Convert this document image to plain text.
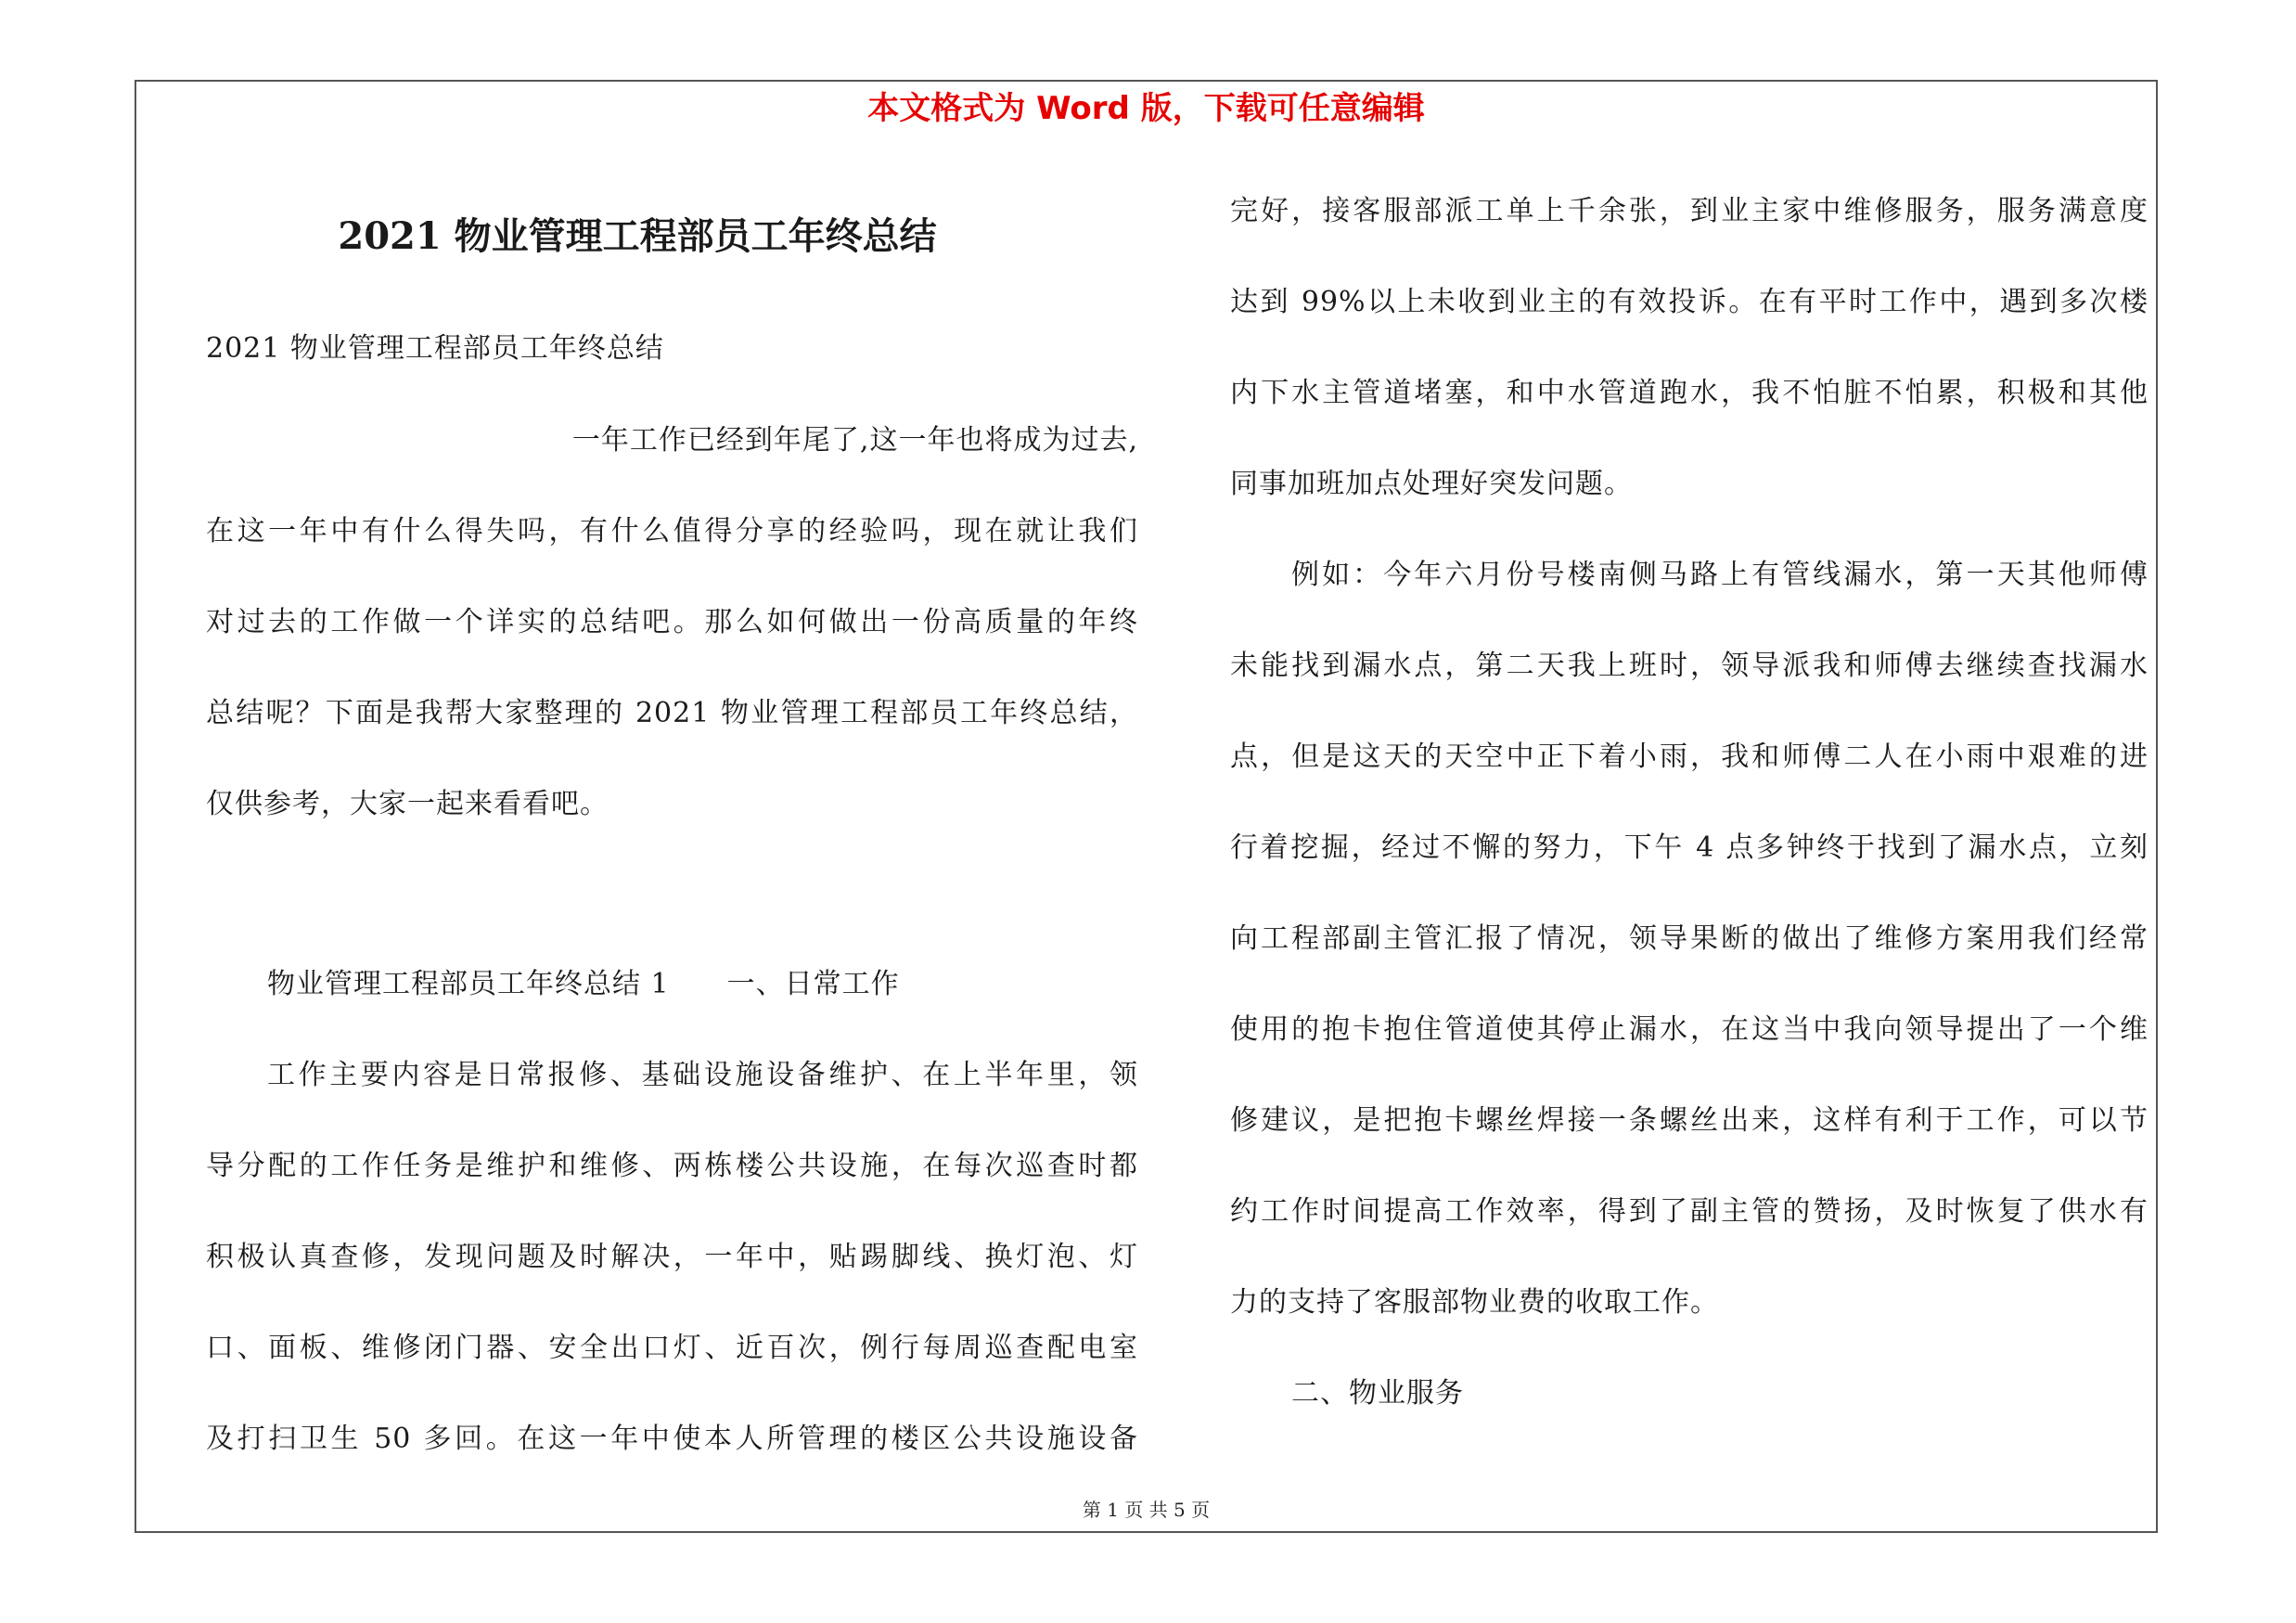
本文格式为 Word 版，下载可任意编辑
2021 物业管理工程部员工年终总结
2021 物业管理工程部员工年终总结
一年工作已经到年尾了,这一年也将成为过去,
在这一年中有什么得失吗，有什么值得分享的经验吗，现在就让我们
对过去的工作做一个详实的总结吧。那么如何做出一份高质量的年终
总结呢？下面是我帮大家整理的 2021 物业管理工程部员工年终总结，
仅供参考，大家一起来看看吧。
物业管理工程部员工年终总结 1　　一、日常工作
工作主要内容是日常报修、基础设施设备维护、在上半年里，领
导分配的工作任务是维护和维修、两栋楼公共设施，在每次巡查时都
积极认真查修，发现问题及时解决，一年中，贴踢脚线、换灯泡、灯
口、面板、维修闭门器、安全出口灯、近百次，例行每周巡查配电室
及打扫卫生 50 多回。在这一年中使本人所管理的楼区公共设施设备
完好，接客服部派工单上千余张，到业主家中维修服务，服务满意度
达到 99%以上未收到业主的有效投诉。在有平时工作中，遇到多次楼
内下水主管道堵塞，和中水管道跑水，我不怕脏不怕累，积极和其他
同事加班加点处理好突发问题。
例如：今年六月份号楼南侧马路上有管线漏水，第一天其他师傅
未能找到漏水点，第二天我上班时，领导派我和师傅去继续查找漏水
点，但是这天的天空中正下着小雨，我和师傅二人在小雨中艰难的进
行着挖掘，经过不懈的努力，下午 4 点多钟终于找到了漏水点，立刻
向工程部副主管汇报了情况，领导果断的做出了维修方案用我们经常
使用的抱卡抱住管道使其停止漏水，在这当中我向领导提出了一个维
修建议，是把抱卡螺丝焊接一条螺丝出来，这样有利于工作，可以节
约工作时间提高工作效率，得到了副主管的赞扬，及时恢复了供水有
力的支持了客服部物业费的收取工作。
二、物业服务
第 1 页 共 5 页
